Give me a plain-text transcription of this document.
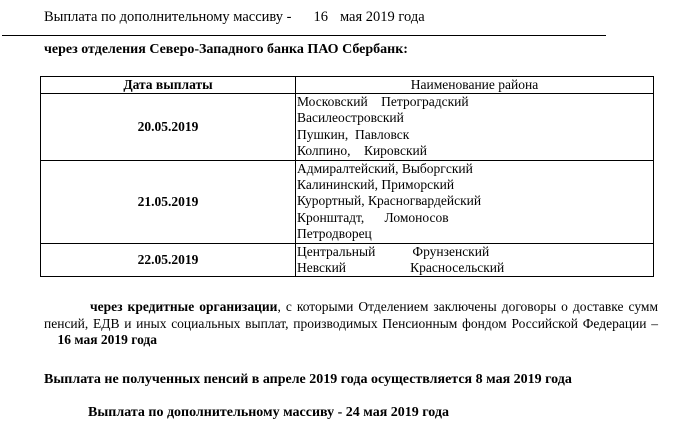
Выплата по дополнительному массиву - 16 мая 2019 года
через отделения Северо-Западного банка ПАО Сбербанк:
Дата выплаты	Наименование района
20.05.2019	Московский    Петроградский
Василеостровский
Пушкин,  Павловск
Колпино,    Кировский

21.05.2019	Адмиралтейский, Выборгский
Калининский, Приморский
Курортный, Красногвардейский
Кронштадт,      Ломоносов
Петродворец

22.05.2019	Центральный           Фрунзенский
Невский                   Красносельский
через кредитные организации, с которыми Отделением заключены договоры о доставке сумм пенсий, ЕДВ и иных социальных выплат, производимых Пенсионным фондом Российской Федерации –    16 мая 2019 года
Выплата не полученных пенсий в апреле 2019 года осуществляется 8 мая 2019 года
Выплата по дополнительному массиву - 24 мая 2019 года
